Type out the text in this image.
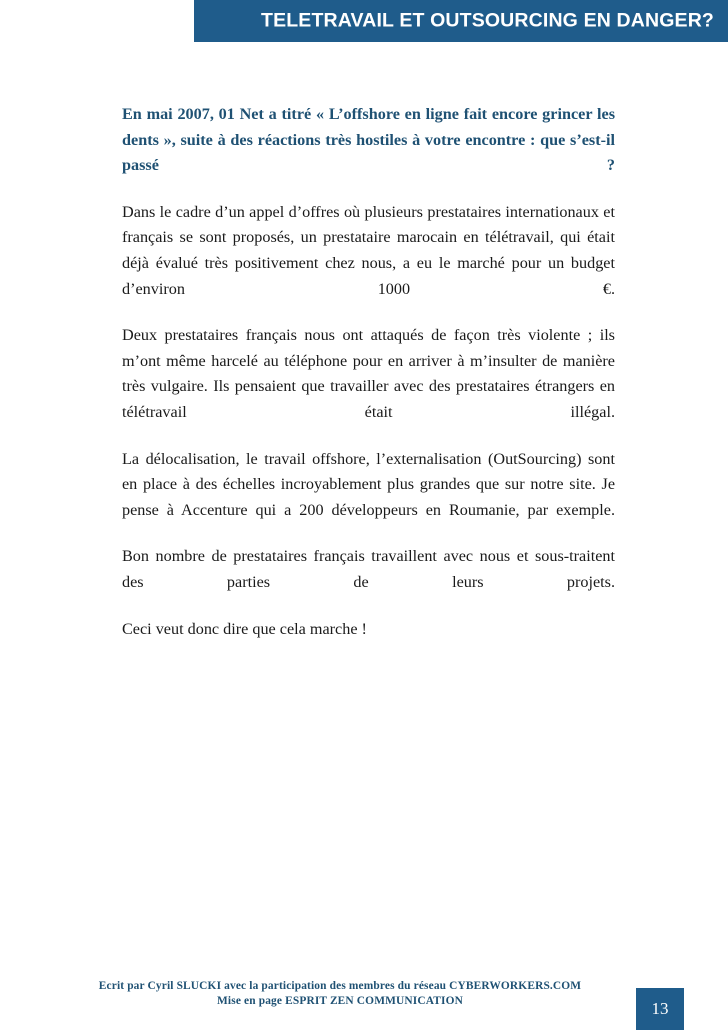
TELETRAVAIL ET OUTSOURCING EN DANGER?

En mai 2007, 01 Net a titré « L’offshore en ligne fait encore grincer les dents », suite à des réactions très hostiles à votre encontre : que s’est-il passé ?

Dans le cadre d’un appel d’offres où plusieurs prestataires internationaux et français se sont proposés, un prestataire marocain en télétravail, qui était déjà évalué très positivement chez nous, a eu le marché pour un budget d’environ 1000 €.

Deux prestataires français nous ont attaqués de façon très violente ; ils m’ont même harcelé au téléphone pour en arriver à m’insulter de manière très vulgaire. Ils pensaient que travailler avec des prestataires étrangers en télétravail était illégal.

La délocalisation, le travail offshore, l’externalisation (OutSourcing) sont en place à des échelles incroyablement plus grandes que sur notre site. Je pense à Accenture qui a 200 développeurs en Roumanie, par exemple.

Bon nombre de prestataires français travaillent avec nous et sous-traitent des parties de leurs projets.

Ceci veut donc dire que cela marche !

Ecrit par Cyril SLUCKI avec la participation des membres du réseau CYBERWORKERS.COM
Mise en page ESPRIT ZEN COMMUNICATION	13
